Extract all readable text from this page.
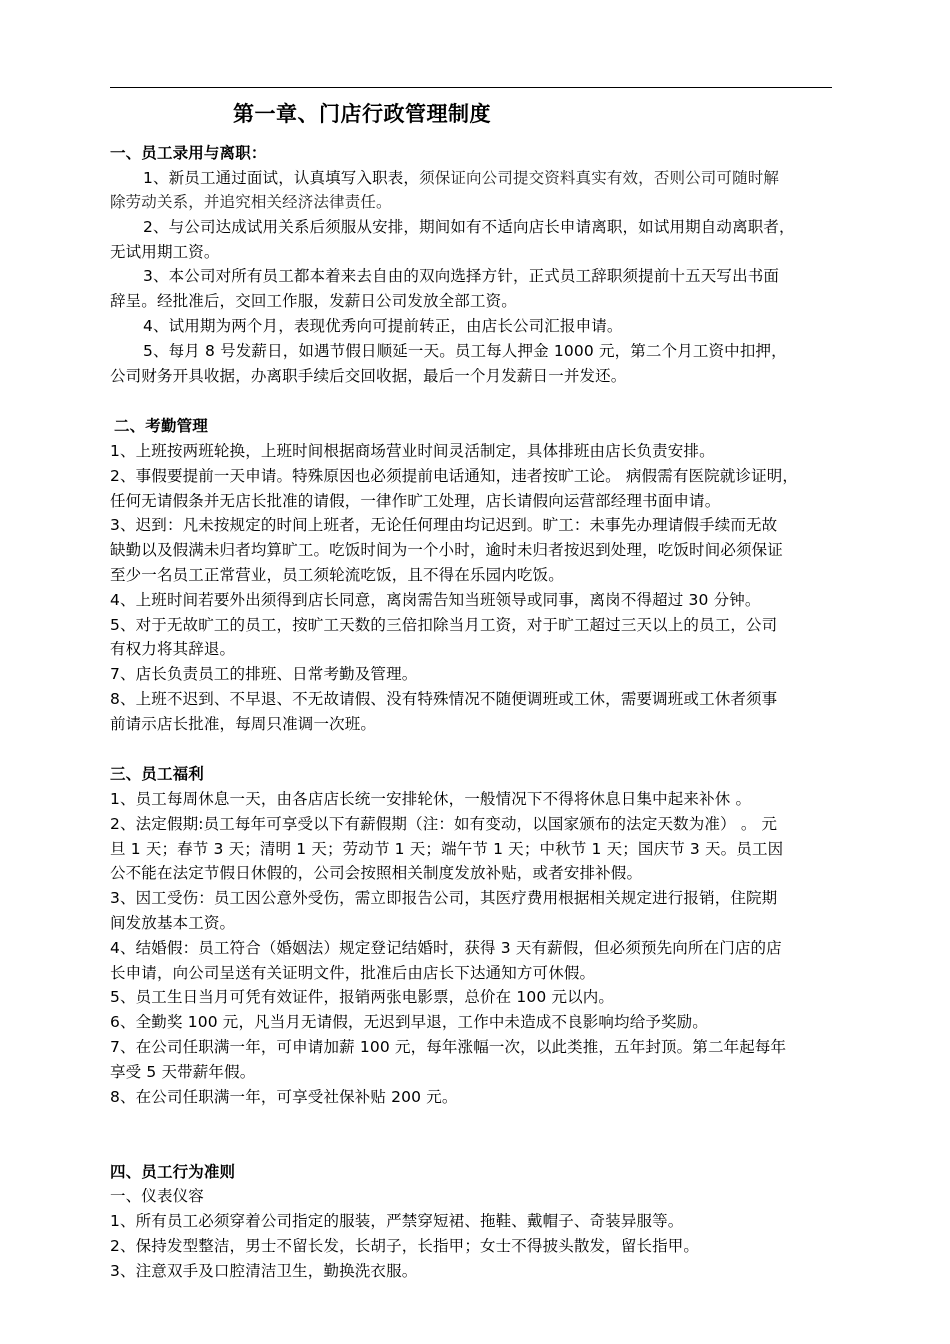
第一章、门店行政管理制度
一、员工录用与离职：
1、新员工通过面试，认真填写入职表，须保证向公司提交资料真实有效，否则公司可随时解
除劳动关系，并追究相关经济法律责任。
2、与公司达成试用关系后须服从安排，期间如有不适向店长申请离职，如试用期自动离职者，
无试用期工资。
3、本公司对所有员工都本着来去自由的双向选择方针，正式员工辞职须提前十五天写出书面
辞呈。经批准后，交回工作服，发薪日公司发放全部工资。
4、试用期为两个月，表现优秀向可提前转正，由店长公司汇报申请。
5、每月 8 号发薪日，如遇节假日顺延一天。员工每人押金 1000 元，第二个月工资中扣押，
公司财务开具收据，办离职手续后交回收据，最后一个月发薪日一并发还。
二、考勤管理
1、上班按两班轮换，上班时间根据商场营业时间灵活制定，具体排班由店长负责安排。
2、事假要提前一天申请。特殊原因也必须提前电话通知，违者按旷工论。 病假需有医院就诊证明，
任何无请假条并无店长批准的请假，一律作旷工处理，店长请假向运营部经理书面申请。
3、迟到：凡未按规定的时间上班者，无论任何理由均记迟到。旷工：未事先办理请假手续而无故
缺勤以及假满未归者均算旷工。吃饭时间为一个小时，逾时未归者按迟到处理，吃饭时间必须保证
至少一名员工正常营业，员工须轮流吃饭，且不得在乐园内吃饭。
4、上班时间若要外出须得到店长同意，离岗需告知当班领导或同事，离岗不得超过 30 分钟。
5、对于无故旷工的员工，按旷工天数的三倍扣除当月工资，对于旷工超过三天以上的员工，公司
有权力将其辞退。
7、店长负责员工的排班、日常考勤及管理。
8、上班不迟到、不早退、不无故请假、没有特殊情况不随便调班或工休，需要调班或工休者须事
前请示店长批准，每周只准调一次班。
三、员工福利
1、员工每周休息一天，由各店店长统一安排轮休，一般情况下不得将休息日集中起来补休 。
2、法定假期:员工每年可享受以下有薪假期（注：如有变动，以国家颁布的法定天数为准） 。 元
旦 1 天；春节 3 天；清明 1 天；劳动节 1 天；端午节 1 天；中秋节 1 天；国庆节 3 天。员工因
公不能在法定节假日休假的，公司会按照相关制度发放补贴，或者安排补假。
3、因工受伤：员工因公意外受伤，需立即报告公司，其医疗费用根据相关规定进行报销，住院期
间发放基本工资。
4、结婚假：员工符合（婚姻法）规定登记结婚时，获得 3 天有薪假，但必须预先向所在门店的店
长申请，向公司呈送有关证明文件，批准后由店长下达通知方可休假。
5、员工生日当月可凭有效证件，报销两张电影票，总价在 100 元以内。
6、全勤奖 100 元，凡当月无请假，无迟到早退，工作中未造成不良影响均给予奖励。
7、在公司任职满一年，可申请加薪 100 元，每年涨幅一次，以此类推，五年封顶。第二年起每年
享受 5 天带薪年假。
8、在公司任职满一年，可享受社保补贴 200 元。
四、员工行为准则
一、仪表仪容
1、所有员工必须穿着公司指定的服装，严禁穿短裙、拖鞋、戴帽子、奇装异服等。
2、保持发型整洁，男士不留长发，长胡子，长指甲；女士不得披头散发，留长指甲。
3、注意双手及口腔清洁卫生，勤换洗衣服。
